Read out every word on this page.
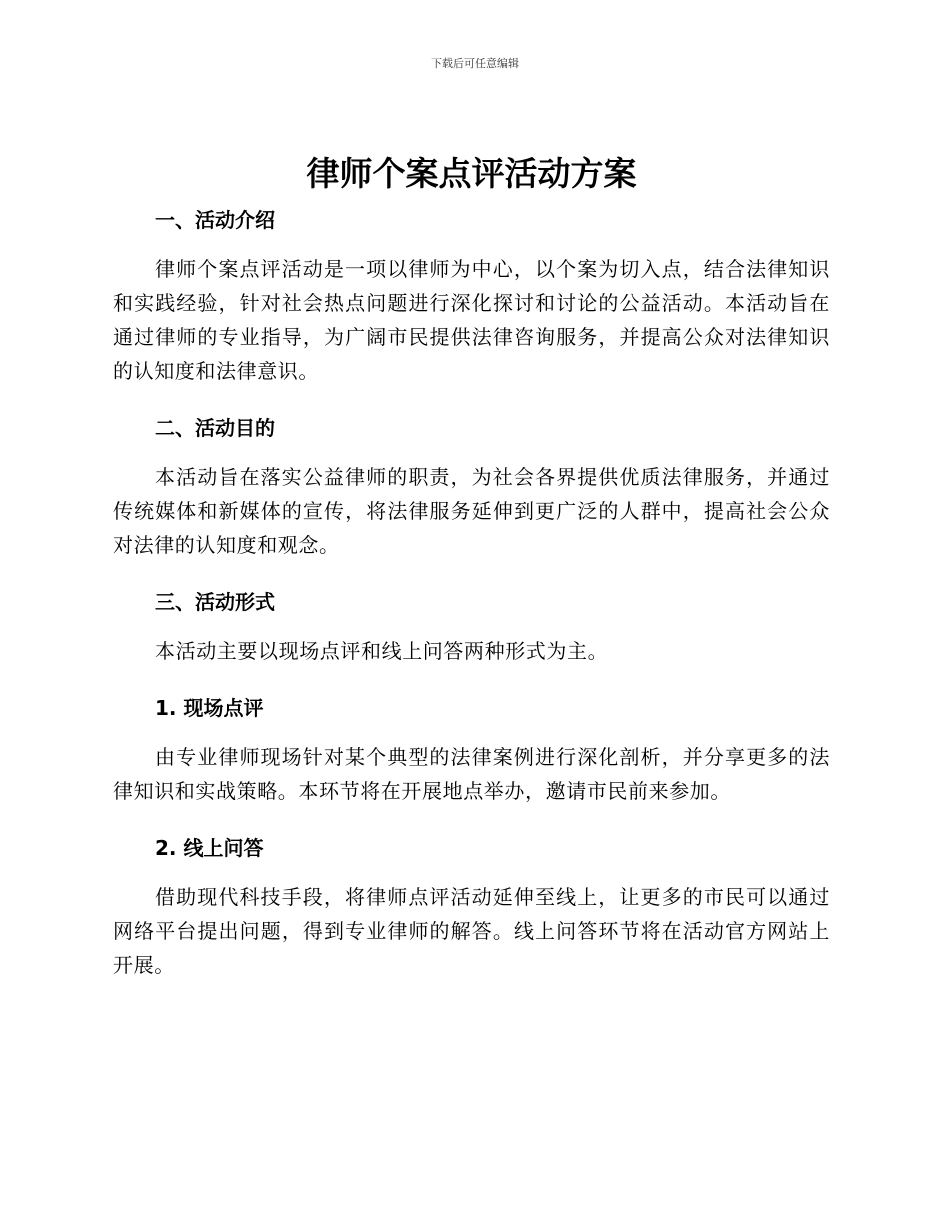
下载后可任意编辑
律师个案点评活动方案
一、活动介绍

律师个案点评活动是一项以律师为中心，以个案为切入点，结合法律知识和实践经验，针对社会热点问题进行深化探讨和讨论的公益活动。本活动旨在通过律师的专业指导，为广阔市民提供法律咨询服务，并提高公众对法律知识的认知度和法律意识。

二、活动目的

本活动旨在落实公益律师的职责，为社会各界提供优质法律服务，并通过传统媒体和新媒体的宣传，将法律服务延伸到更广泛的人群中，提高社会公众对法律的认知度和观念。

三、活动形式

本活动主要以现场点评和线上问答两种形式为主。

1. 现场点评

由专业律师现场针对某个典型的法律案例进行深化剖析，并分享更多的法律知识和实战策略。本环节将在开展地点举办，邀请市民前来参加。

2. 线上问答

借助现代科技手段，将律师点评活动延伸至线上，让更多的市民可以通过网络平台提出问题，得到专业律师的解答。线上问答环节将在活动官方网站上开展。
